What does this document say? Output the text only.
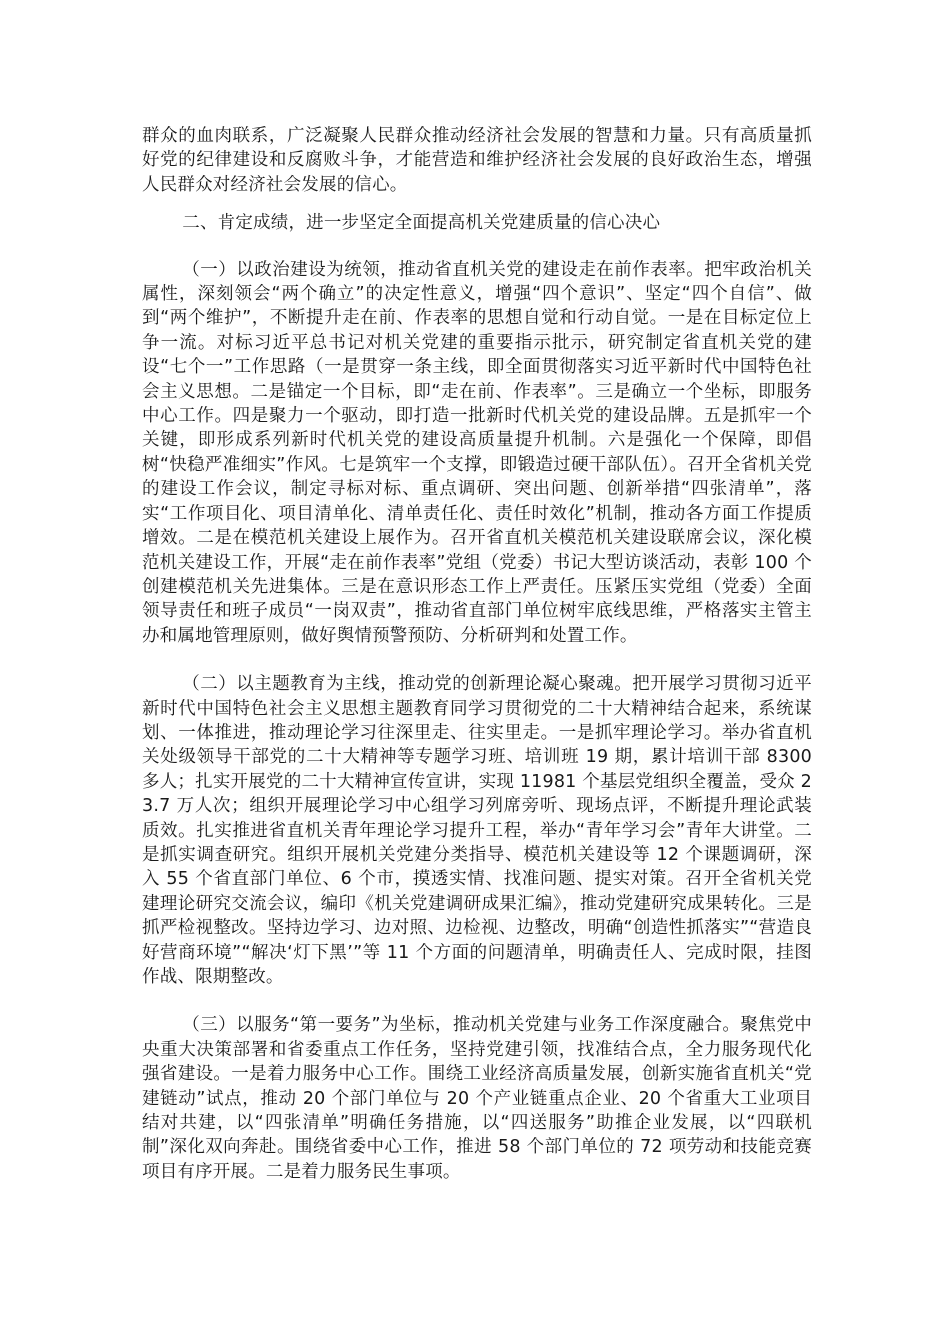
群众的血肉联系，广泛凝聚人民群众推动经济社会发展的智慧和力量。只有高质量抓好党的纪律建设和反腐败斗争，才能营造和维护经济社会发展的良好政治生态，增强人民群众对经济社会发展的信心。

二、肯定成绩，进一步坚定全面提高机关党建质量的信心决心

（一）以政治建设为统领，推动省直机关党的建设走在前作表率。把牢政治机关属性，深刻领会“两个确立”的决定性意义，增强“四个意识”、坚定“四个自信”、做到“两个维护”，不断提升走在前、作表率的思想自觉和行动自觉。一是在目标定位上争一流。对标习近平总书记对机关党建的重要指示批示，研究制定省直机关党的建设“七个一”工作思路（一是贯穿一条主线，即全面贯彻落实习近平新时代中国特色社会主义思想。二是锚定一个目标，即“走在前、作表率”。三是确立一个坐标，即服务中心工作。四是聚力一个驱动，即打造一批新时代机关党的建设品牌。五是抓牢一个关键，即形成系列新时代机关党的建设高质量提升机制。六是强化一个保障，即倡树“快稳严准细实”作风。七是筑牢一个支撑，即锻造过硬干部队伍）。召开全省机关党的建设工作会议，制定寻标对标、重点调研、突出问题、创新举措“四张清单”，落实“工作项目化、项目清单化、清单责任化、责任时效化”机制，推动各方面工作提质增效。二是在模范机关建设上展作为。召开省直机关模范机关建设联席会议，深化模范机关建设工作，开展“走在前作表率”党组（党委）书记大型访谈活动，表彰 100 个创建模范机关先进集体。三是在意识形态工作上严责任。压紧压实党组（党委）全面领导责任和班子成员“一岗双责”，推动省直部门单位树牢底线思维，严格落实主管主办和属地管理原则，做好舆情预警预防、分析研判和处置工作。

（二）以主题教育为主线，推动党的创新理论凝心聚魂。把开展学习贯彻习近平新时代中国特色社会主义思想主题教育同学习贯彻党的二十大精神结合起来，系统谋划、一体推进，推动理论学习往深里走、往实里走。一是抓牢理论学习。举办省直机关处级领导干部党的二十大精神等专题学习班、培训班 19 期，累计培训干部 8300 多人；扎实开展党的二十大精神宣传宣讲，实现 11981 个基层党组织全覆盖，受众 23.7 万人次；组织开展理论学习中心组学习列席旁听、现场点评，不断提升理论武装质效。扎实推进省直机关青年理论学习提升工程，举办“青年学习会”青年大讲堂。二是抓实调查研究。组织开展机关党建分类指导、模范机关建设等 12 个课题调研，深入 55 个省直部门单位、6 个市，摸透实情、找准问题、提实对策。召开全省机关党建理论研究交流会议，编印《机关党建调研成果汇编》，推动党建研究成果转化。三是抓严检视整改。坚持边学习、边对照、边检视、边整改，明确“创造性抓落实”“营造良好营商环境”“解决‘灯下黑’”等 11 个方面的问题清单，明确责任人、完成时限，挂图作战、限期整改。

（三）以服务“第一要务”为坐标，推动机关党建与业务工作深度融合。聚焦党中央重大决策部署和省委重点工作任务，坚持党建引领，找准结合点，全力服务现代化强省建设。一是着力服务中心工作。围绕工业经济高质量发展，创新实施省直机关“党建链动”试点，推动 20 个部门单位与 20 个产业链重点企业、20 个省重大工业项目结对共建，以“四张清单”明确任务措施，以“四送服务”助推企业发展，以“四联机制”深化双向奔赴。围绕省委中心工作，推进 58 个部门单位的 72 项劳动和技能竞赛项目有序开展。二是着力服务民生事项。
